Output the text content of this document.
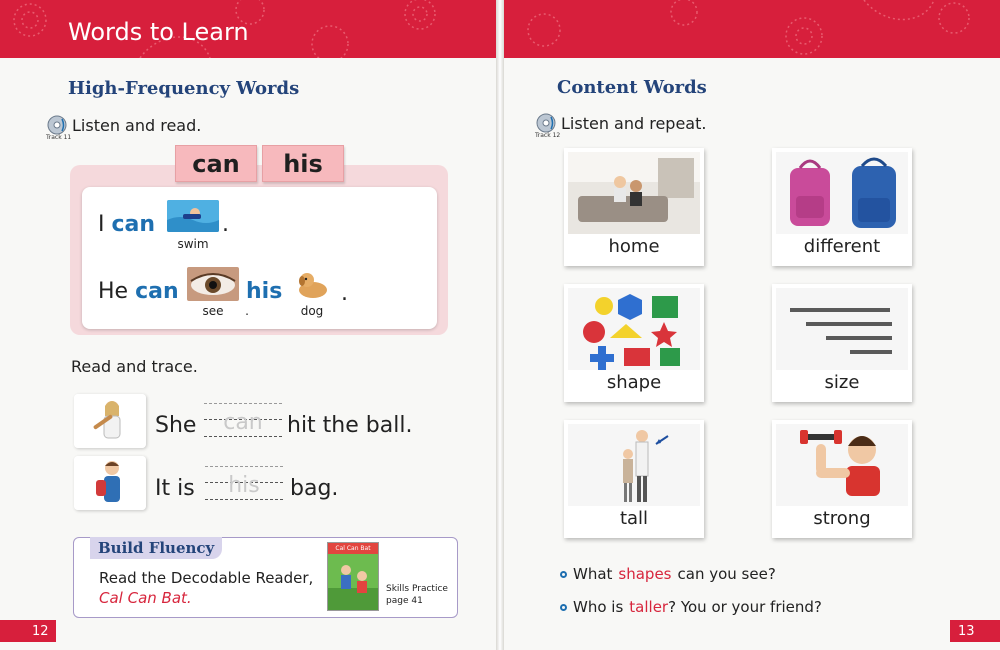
Words to Learn
High-Frequency Words
Listen and read.
Track 11
can	his
I can	.
swim
He can	his	.
see	.	dog
Read and trace.
She	can	hit the ball.
It is	his	bag.
Build Fluency
Read the Decodable Reader,
Cal Can Bat.
Cal Can Bat
Skills Practice
page 41
12
Content Words
Listen and repeat.
Track 12
home	different
shape	size
tall	strong
What shapes can you see?
Who is taller ? You or your friend?
13
